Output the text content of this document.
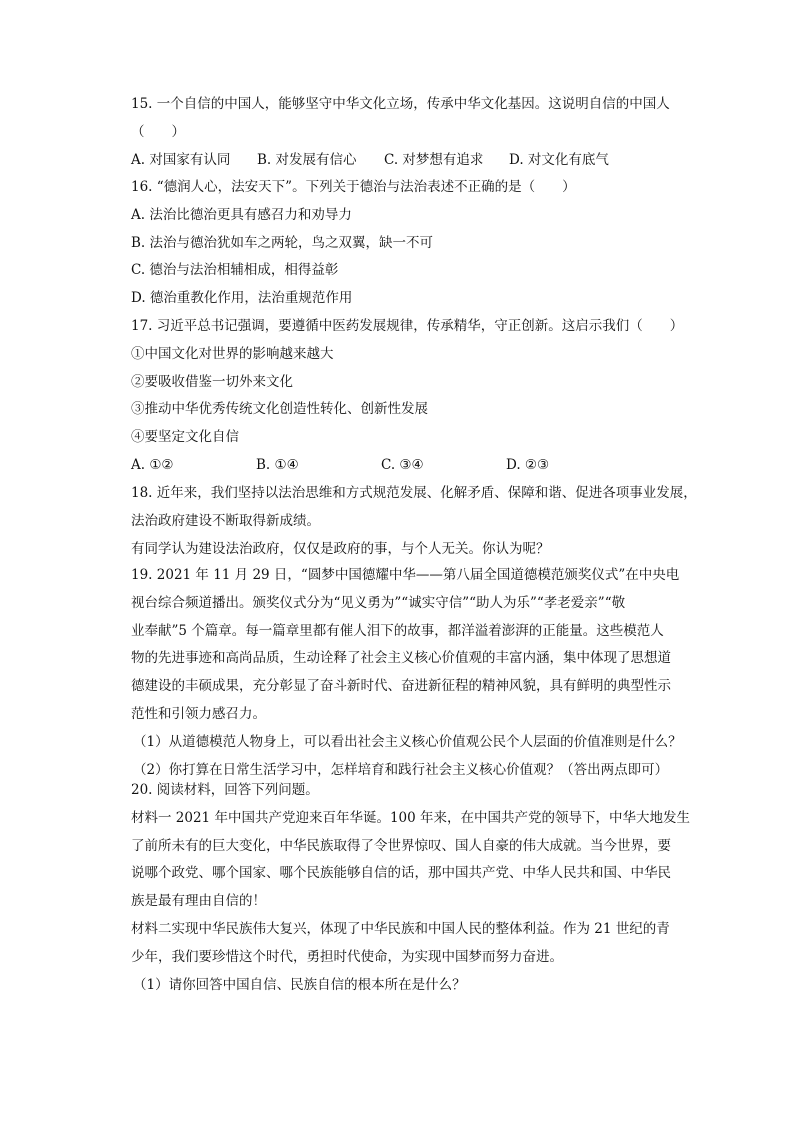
15. 一个自信的中国人，能够坚守中华文化立场，传承中华文化基因。这说明自信的中国人
（　　）
A. 对国家有认同	B. 对发展有信心	C. 对梦想有追求	D. 对文化有底气
16. “德润人心，法安天下”。下列关于德治与法治表述不正确的是（　　）
A. 法治比德治更具有感召力和劝导力
B. 法治与德治犹如车之两轮，鸟之双翼，缺一不可
C. 德治与法治相辅相成，相得益彰
D. 德治重教化作用，法治重规范作用
17. 习近平总书记强调，要遵循中医药发展规律，传承精华，守正创新。这启示我们（　　）
①中国文化对世界的影响越来越大
②要吸收借鉴一切外来文化
③推动中华优秀传统文化创造性转化、创新性发展
④要坚定文化自信
A. ①②	B. ①④	C. ③④	D. ②③
18. 近年来，我们坚持以法治思维和方式规范发展、化解矛盾、保障和谐、促进各项事业发展，
法治政府建设不断取得新成绩。
有同学认为建设法治政府，仅仅是政府的事，与个人无关。你认为呢？
19. 2021 年 11 月 29 日，“圆梦中国德耀中华——第八届全国道德模范颁奖仪式”在中央电
视台综合频道播出。颁奖仪式分为“见义勇为”“诚实守信”“助人为乐”“孝老爱亲”“敬
业奉献”5 个篇章。每一篇章里都有催人泪下的故事，都洋溢着澎湃的正能量。这些模范人
物的先进事迹和高尚品质，生动诠释了社会主义核心价值观的丰富内涵，集中体现了思想道
德建设的丰硕成果，充分彰显了奋斗新时代、奋进新征程的精神风貌，具有鲜明的典型性示
范性和引领力感召力。
（1）从道德模范人物身上，可以看出社会主义核心价值观公民个人层面的价值准则是什么？
（2）你打算在日常生活学习中，怎样培育和践行社会主义核心价值观？（答出两点即可）
20. 阅读材料，回答下列问题。
材料一 2021 年中国共产党迎来百年华诞。100 年来，在中国共产党的领导下，中华大地发生
了前所未有的巨大变化，中华民族取得了令世界惊叹、国人自豪的伟大成就。当今世界，要
说哪个政党、哪个国家、哪个民族能够自信的话，那中国共产党、中华人民共和国、中华民
族是最有理由自信的！
材料二实现中华民族伟大复兴，体现了中华民族和中国人民的整体利益。作为 21 世纪的青
少年，我们要珍惜这个时代，勇担时代使命，为实现中国梦而努力奋进。
（1）请你回答中国自信、民族自信的根本所在是什么？
